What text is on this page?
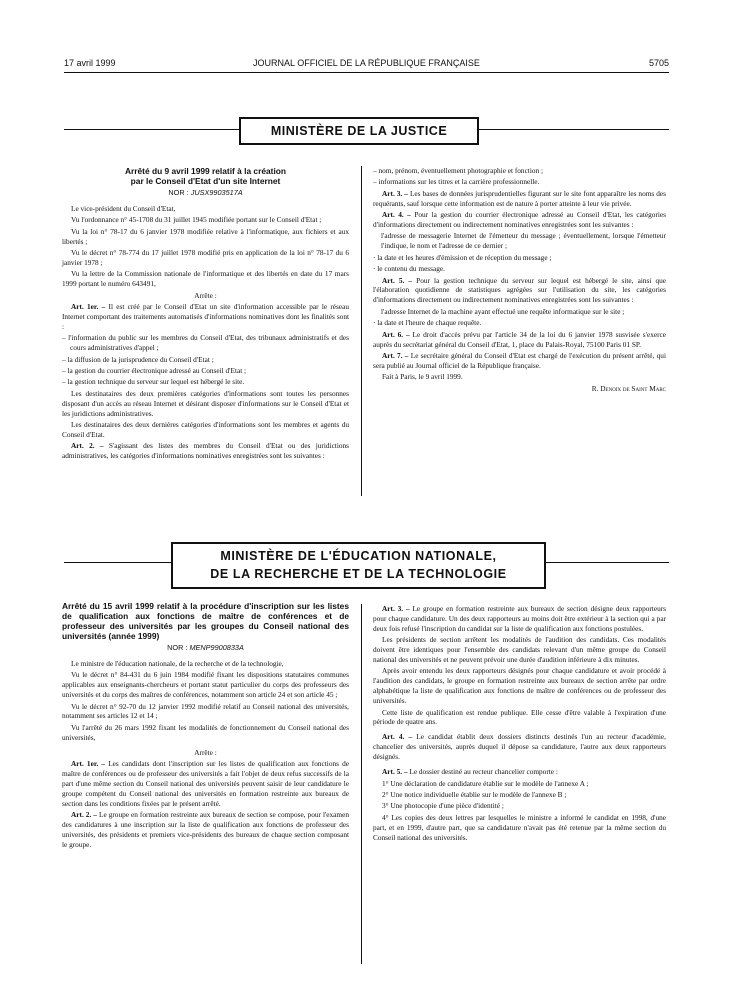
17 avril 1999	JOURNAL OFFICIEL DE LA RÉPUBLIQUE FRANÇAISE	5705
MINISTÈRE DE LA JUSTICE
Arrêté du 9 avril 1999 relatif à la création
par le Conseil d'Etat d'un site Internet
NOR : JUSX9903517A

Le vice-président du Conseil d'Etat,

Vu l'ordonnance n° 45-1708 du 31 juillet 1945 modifiée portant sur le Conseil d'Etat ;

Vu la loi n° 78-17 du 6 janvier 1978 modifiée relative à l'informatique, aux fichiers et aux libertés ;

Vu le décret n° 78-774 du 17 juillet 1978 modifié pris en application de la loi n° 78-17 du 6 janvier 1978 ;

Vu la lettre de la Commission nationale de l'informatique et des libertés en date du 17 mars 1999 portant le numéro 643491,

Arrête :

Art. 1er. – Il est créé par le Conseil d'Etat un site d'information accessible par le réseau Internet comportant des traitements automatisés d'informations nominatives dont les finalités sont :

– l'information du public sur les membres du Conseil d'Etat, des tribunaux administratifs et des cours administratives d'appel ;

– la diffusion de la jurisprudence du Conseil d'Etat ;

– la gestion du courrier électronique adressé au Conseil d'Etat ;

– la gestion technique du serveur sur lequel est hébergé le site.

Les destinataires des deux premières catégories d'informations sont toutes les personnes disposant d'un accès au réseau Internet et désirant disposer d'informations sur le Conseil d'Etat et les juridictions administratives.

Les destinataires des deux dernières catégories d'informations sont les membres et agents du Conseil d'Etat.

Art. 2. – S'agissant des listes des membres du Conseil d'Etat ou des juridictions administratives, les catégories d'informations nominatives enregistrées sont les suivantes :

– nom, prénom, éventuellement photographie et fonction ;

– informations sur les titres et la carrière professionnelle.

Art. 3. – Les bases de données jurisprudentielles figurant sur le site font apparaître les noms des requérants, sauf lorsque cette information est de nature à porter atteinte à leur vie privée.

Art. 4. – Pour la gestion du courrier électronique adressé au Conseil d'Etat, les catégories d'informations directement ou indirectement nominatives enregistrées sont les suivantes :

l'adresse de messagerie Internet de l'émetteur du message ; éventuellement, lorsque l'émetteur l'indique, le nom et l'adresse de ce dernier ;

· la date et les heures d'émission et de réception du message ;

· le contenu du message.

Art. 5. – Pour la gestion technique du serveur sur lequel est hébergé le site, ainsi que l'élaboration quotidienne de statistiques agrégées sur l'utilisation du site, les catégories d'informations directement ou indirectement nominatives enregistrées sont les suivantes :

l'adresse Internet de la machine ayant effectué une requête informatique sur le site ;

· la date et l'heure de chaque requête.

Art. 6. – Le droit d'accès prévu par l'article 34 de la loi du 6 janvier 1978 susvisée s'exerce auprès du secrétariat général du Conseil d'Etat, 1, place du Palais-Royal, 75100 Paris 01 SP.

Art. 7. – Le secrétaire général du Conseil d'Etat est chargé de l'exécution du présent arrêté, qui sera publié au Journal officiel de la République française.

Fait à Paris, le 9 avril 1999.

R. Denoix de Saint Marc

MINISTÈRE DE L'ÉDUCATION NATIONALE,
DE LA RECHERCHE ET DE LA TECHNOLOGIE
Arrêté du 15 avril 1999 relatif à la procédure d'inscription sur les listes de qualification aux fonctions de maître de conférences et de professeur des universités par les groupes du Conseil national des universités (année 1999)
NOR : MENP9900833A

Le ministre de l'éducation nationale, de la recherche et de la technologie,

Vu le décret n° 84-431 du 6 juin 1984 modifié fixant les dispositions statutaires communes applicables aux enseignants-chercheurs et portant statut particulier du corps des professeurs des universités et du corps des maîtres de conférences, notamment son article 24 et son article 45 ;

Vu le décret n° 92-70 du 12 janvier 1992 modifié relatif au Conseil national des universités, notamment ses articles 12 et 14 ;

Vu l'arrêté du 26 mars 1992 fixant les modalités de fonctionnement du Conseil national des universités,

Arrête :

Art. 1er. – Les candidats dont l'inscription sur les listes de qualification aux fonctions de maître de conférences ou de professeur des universités a fait l'objet de deux refus successifs de la part d'une même section du Conseil national des universités peuvent saisir de leur candidature le groupe compétent du Conseil national des universités en formation restreinte aux bureaux de section dans les conditions fixées par le présent arrêté.

Art. 2. – Le groupe en formation restreinte aux bureaux de section se compose, pour l'examen des candidatures à une inscription sur la liste de qualification aux fonctions de professeur des universités, des présidents et premiers vice-présidents des bureaux de chaque section composant le groupe.

Art. 3. – Le groupe en formation restreinte aux bureaux de section désigne deux rapporteurs pour chaque candidature. Un des deux rapporteurs au moins doit être extérieur à la section qui a par deux fois refusé l'inscription du candidat sur la liste de qualification aux fonctions postulées.

Les présidents de section arrêtent les modalités de l'audition des candidats. Ces modalités doivent être identiques pour l'ensemble des candidats relevant d'un même groupe du Conseil national des universités et ne peuvent prévoir une durée d'audition inférieure à dix minutes.

Après avoir entendu les deux rapporteurs désignés pour chaque candidature et avoir procédé à l'audition des candidats, le groupe en formation restreinte aux bureaux de section arrête par ordre alphabétique la liste de qualification aux fonctions de maître de conférences ou de professeur des universités.

Cette liste de qualification est rendue publique. Elle cesse d'être valable à l'expiration d'une période de quatre ans.

Art. 4. – Le candidat établit deux dossiers distincts destinés l'un au recteur d'académie, chancelier des universités, auprès duquel il dépose sa candidature, l'autre aux deux rapporteurs désignés.

Art. 5. – Le dossier destiné au recteur chancelier comporte :

1° Une déclaration de candidature établie sur le modèle de l'annexe A ;

2° Une notice individuelle établie sur le modèle de l'annexe B ;

3° Une photocopie d'une pièce d'identité ;

4° Les copies des deux lettres par lesquelles le ministre a informé le candidat en 1998, d'une part, et en 1999, d'autre part, que sa candidature n'avait pas été retenue par la même section du Conseil national des universités.
